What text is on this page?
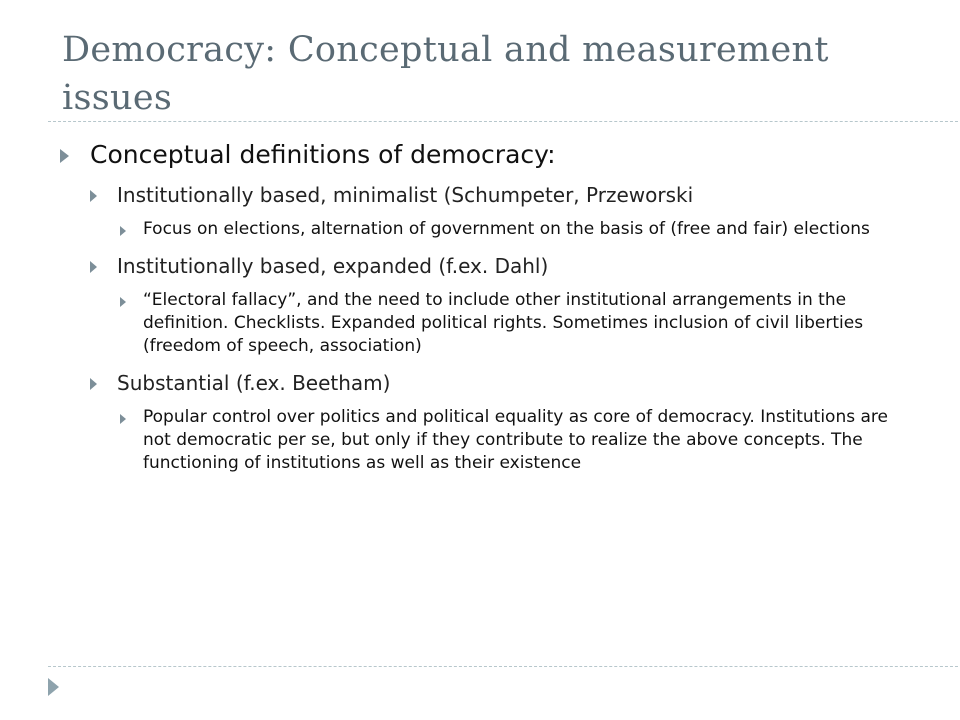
Democracy: Conceptual and measurement issues
Conceptual definitions of democracy:
Institutionally based, minimalist (Schumpeter, Przeworski
Focus on elections, alternation of government on the basis of (free and fair) elections
Institutionally based, expanded (f.ex. Dahl)
“Electoral fallacy”, and the need to include other institutional arrangements in the definition. Checklists. Expanded political rights. Sometimes inclusion of civil liberties (freedom of speech, association)
Substantial (f.ex. Beetham)
Popular control over politics and political equality as core of democracy. Institutions are not democratic per se, but only if they contribute to realize the above concepts. The functioning of institutions as well as their existence
